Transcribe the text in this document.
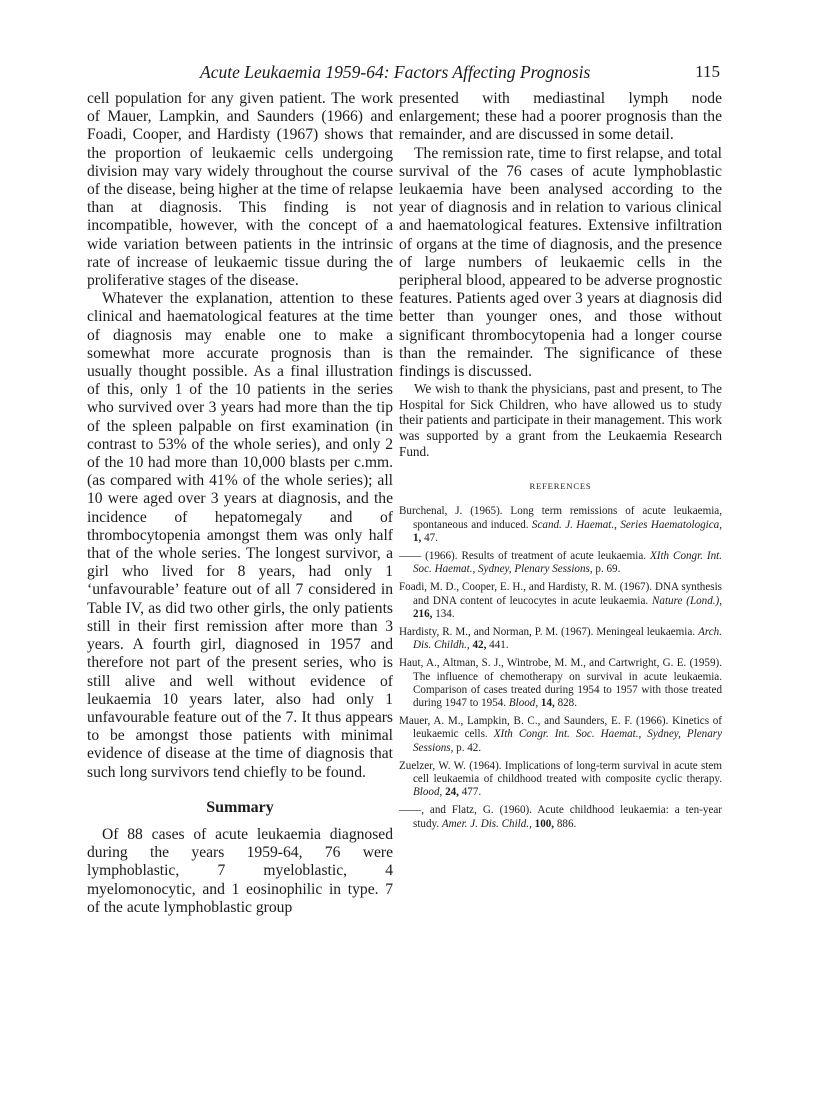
Acute Leukaemia 1959-64: Factors Affecting Prognosis	115

cell population for any given patient. The work of Mauer, Lampkin, and Saunders (1966) and Foadi, Cooper, and Hardisty (1967) shows that the proportion of leukaemic cells undergoing division may vary widely throughout the course of the disease, being higher at the time of relapse than at diagnosis. This finding is not incompatible, however, with the concept of a wide variation between patients in the intrinsic rate of increase of leukaemic tissue during the proliferative stages of the disease.

Whatever the explanation, attention to these clinical and haematological features at the time of diagnosis may enable one to make a somewhat more accurate prognosis than is usually thought possible. As a final illustration of this, only 1 of the 10 patients in the series who survived over 3 years had more than the tip of the spleen palpable on first examination (in contrast to 53% of the whole series), and only 2 of the 10 had more than 10,000 blasts per c.mm. (as compared with 41% of the whole series); all 10 were aged over 3 years at diagnosis, and the incidence of hepatomegaly and of thrombocytopenia amongst them was only half that of the whole series. The longest survivor, a girl who lived for 8 years, had only 1 ‘unfavourable’ feature out of all 7 considered in Table IV, as did two other girls, the only patients still in their first remission after more than 3 years. A fourth girl, diagnosed in 1957 and therefore not part of the present series, who is still alive and well without evidence of leukaemia 10 years later, also had only 1 unfavourable feature out of the 7. It thus appears to be amongst those patients with minimal evidence of disease at the time of diagnosis that such long survivors tend chiefly to be found.

Summary

Of 88 cases of acute leukaemia diagnosed during the years 1959-64, 76 were lymphoblastic, 7 myeloblastic, 4 myelomonocytic, and 1 eosinophilic in type. 7 of the acute lymphoblastic group

presented with mediastinal lymph node enlargement; these had a poorer prognosis than the remainder, and are discussed in some detail.

The remission rate, time to first relapse, and total survival of the 76 cases of acute lymphoblastic leukaemia have been analysed according to the year of diagnosis and in relation to various clinical and haematological features. Extensive infiltration of organs at the time of diagnosis, and the presence of large numbers of leukaemic cells in the peripheral blood, appeared to be adverse prognostic features. Patients aged over 3 years at diagnosis did better than younger ones, and those without significant thrombocytopenia had a longer course than the remainder. The significance of these findings is discussed.

We wish to thank the physicians, past and present, to The Hospital for Sick Children, who have allowed us to study their patients and participate in their management. This work was supported by a grant from the Leukaemia Research Fund.

REFERENCES
Burchenal, J. (1965). Long term remissions of acute leukaemia, spontaneous and induced. Scand. J. Haemat., Series Haematologica, 1, 47.
—— (1966). Results of treatment of acute leukaemia. XIth Congr. Int. Soc. Haemat., Sydney, Plenary Sessions, p. 69.
Foadi, M. D., Cooper, E. H., and Hardisty, R. M. (1967). DNA synthesis and DNA content of leucocytes in acute leukaemia. Nature (Lond.), 216, 134.
Hardisty, R. M., and Norman, P. M. (1967). Meningeal leukaemia. Arch. Dis. Childh., 42, 441.
Haut, A., Altman, S. J., Wintrobe, M. M., and Cartwright, G. E. (1959). The influence of chemotherapy on survival in acute leukaemia. Comparison of cases treated during 1954 to 1957 with those treated during 1947 to 1954. Blood, 14, 828.
Mauer, A. M., Lampkin, B. C., and Saunders, E. F. (1966). Kinetics of leukaemic cells. XIth Congr. Int. Soc. Haemat., Sydney, Plenary Sessions, p. 42.
Zuelzer, W. W. (1964). Implications of long-term survival in acute stem cell leukaemia of childhood treated with composite cyclic therapy. Blood, 24, 477.
——, and Flatz, G. (1960). Acute childhood leukaemia: a ten-year study. Amer. J. Dis. Child., 100, 886.
